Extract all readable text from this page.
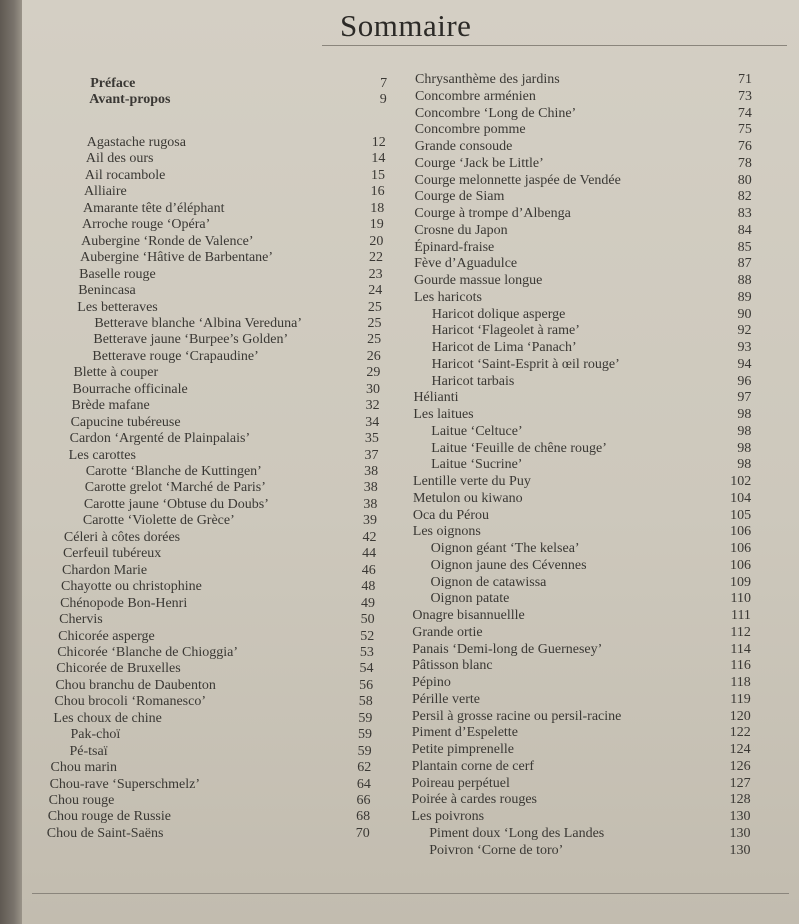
Sommaire
Préface	7
Avant-propos	9
Agastache rugosa	12
Ail des ours	14
Ail rocambole	15
Alliaire	16
Amarante tête d’éléphant	18
Arroche rouge ‘Opéra’	19
Aubergine ‘Ronde de Valence’	20
Aubergine ‘Hâtive de Barbentane’	22
Baselle rouge	23
Benincasa	24
Les betteraves	25
Betterave blanche ‘Albina Vereduna’	25
Betterave jaune ‘Burpee’s Golden’	25
Betterave rouge ‘Crapaudine’	26
Blette à couper	29
Bourrache officinale	30
Brède mafane	32
Capucine tubéreuse	34
Cardon ‘Argenté de Plainpalais’	35
Les carottes	37
Carotte ‘Blanche de Kuttingen’	38
Carotte grelot ‘Marché de Paris’	38
Carotte jaune ‘Obtuse du Doubs’	38
Carotte ‘Violette de Grèce’	39
Céleri à côtes dorées	42
Cerfeuil tubéreux	44
Chardon Marie	46
Chayotte ou christophine	48
Chénopode Bon-Henri	49
Chervis	50
Chicorée asperge	52
Chicorée ‘Blanche de Chioggia’	53
Chicorée de Bruxelles	54
Chou branchu de Daubenton	56
Chou brocoli ‘Romanesco’	58
Les choux de chine	59
Pak-choï	59
Pé-tsaï	59
Chou marin	62
Chou-rave ‘Superschmelz’	64
Chou rouge	66
Chou rouge de Russie	68
Chou de Saint-Saëns	70
Chrysanthème des jardins	71
Concombre arménien	73
Concombre ‘Long de Chine’	74
Concombre pomme	75
Grande consoude	76
Courge ‘Jack be Little’	78
Courge melonnette jaspée de Vendée	80
Courge de Siam	82
Courge à trompe d’Albenga	83
Crosne du Japon	84
Épinard-fraise	85
Fève d’Aguadulce	87
Gourde massue longue	88
Les haricots	89
Haricot dolique asperge	90
Haricot ‘Flageolet à rame’	92
Haricot de Lima ‘Panach’	93
Haricot ‘Saint-Esprit à œil rouge’	94
Haricot tarbais	96
Hélianti	97
Les laitues	98
Laitue ‘Celtuce’	98
Laitue ‘Feuille de chêne rouge’	98
Laitue ‘Sucrine’	98
Lentille verte du Puy	102
Metulon ou kiwano	104
Oca du Pérou	105
Les oignons	106
Oignon géant ‘The kelsea’	106
Oignon jaune des Cévennes	106
Oignon de catawissa	109
Oignon patate	110
Onagre bisannuellle	111
Grande ortie	112
Panais ‘Demi-long de Guernesey’	114
Pâtisson blanc	116
Pépino	118
Pérille verte	119
Persil à grosse racine ou persil-racine	120
Piment d’Espelette	122
Petite pimprenelle	124
Plantain corne de cerf	126
Poireau perpétuel	127
Poirée à cardes rouges	128
Les poivrons	130
Piment doux ‘Long des Landes	130
Poivron ‘Corne de toro’	130
